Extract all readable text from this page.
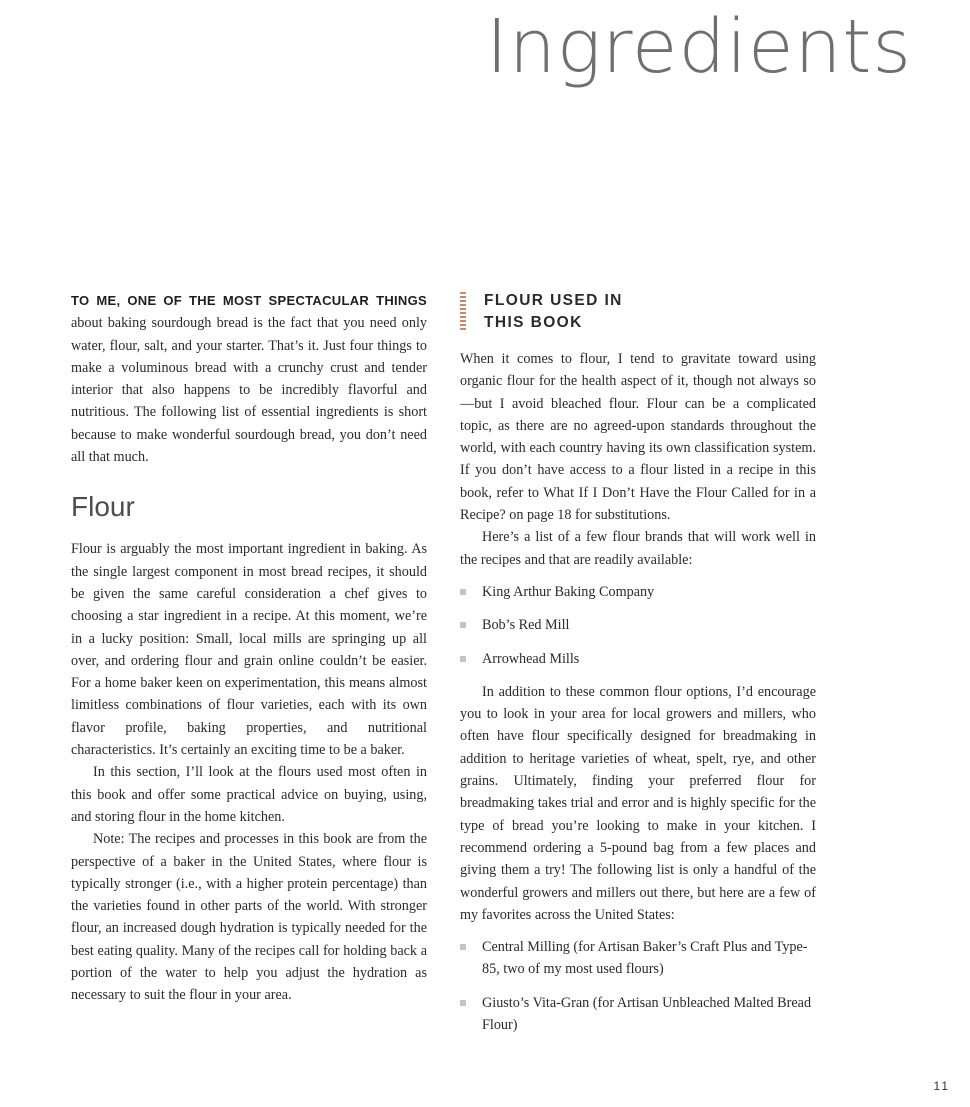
Ingredients

TO ME, ONE OF THE MOST SPECTACULAR THINGS about baking sourdough bread is the fact that you need only water, flour, salt, and your starter. That’s it. Just four things to make a voluminous bread with a crunchy crust and tender interior that also happens to be incredibly flavorful and nutritious. The following list of essential ingredients is short because to make wonderful sourdough bread, you don’t need all that much.

Flour

Flour is arguably the most important ingredient in baking. As the single largest component in most bread recipes, it should be given the same careful consideration a chef gives to choosing a star ingredient in a recipe. At this moment, we’re in a lucky position: Small, local mills are springing up all over, and ordering flour and grain online couldn’t be easier. For a home baker keen on experimentation, this means almost limitless combinations of flour varieties, each with its own flavor profile, baking properties, and nutritional characteristics. It’s certainly an exciting time to be a baker.

In this section, I’ll look at the flours used most often in this book and offer some practical advice on buying, using, and storing flour in the home kitchen.

Note: The recipes and processes in this book are from the perspective of a baker in the United States, where flour is typically stronger (i.e., with a higher protein percentage) than the varieties found in other parts of the world. With stronger flour, an increased dough hydration is typically needed for the best eating quality. Many of the recipes call for holding back a portion of the water to help you adjust the hydration as necessary to suit the flour in your area.

FLOUR USED IN
THIS BOOK

When it comes to flour, I tend to gravitate toward using organic flour for the health aspect of it, though not always so—but I avoid bleached flour. Flour can be a complicated topic, as there are no agreed-upon standards throughout the world, with each country having its own classification system. If you don’t have access to a flour listed in a recipe in this book, refer to What If I Don’t Have the Flour Called for in a Recipe? on page 18 for substitutions.

Here’s a list of a few flour brands that will work well in the recipes and that are readily available:

King Arthur Baking Company
Bob’s Red Mill
Arrowhead Mills

In addition to these common flour options, I’d encourage you to look in your area for local growers and millers, who often have flour specifically designed for breadmaking in addition to heritage varieties of wheat, spelt, rye, and other grains. Ultimately, finding your preferred flour for breadmaking takes trial and error and is highly specific for the type of bread you’re looking to make in your kitchen. I recommend ordering a 5-pound bag from a few places and giving them a try! The following list is only a handful of the wonderful growers and millers out there, but here are a few of my favorites across the United States:

Central Milling (for Artisan Baker’s Craft Plus and Type-85, two of my most used flours)
Giusto’s Vita-Gran (for Artisan Unbleached Malted Bread Flour)
11
